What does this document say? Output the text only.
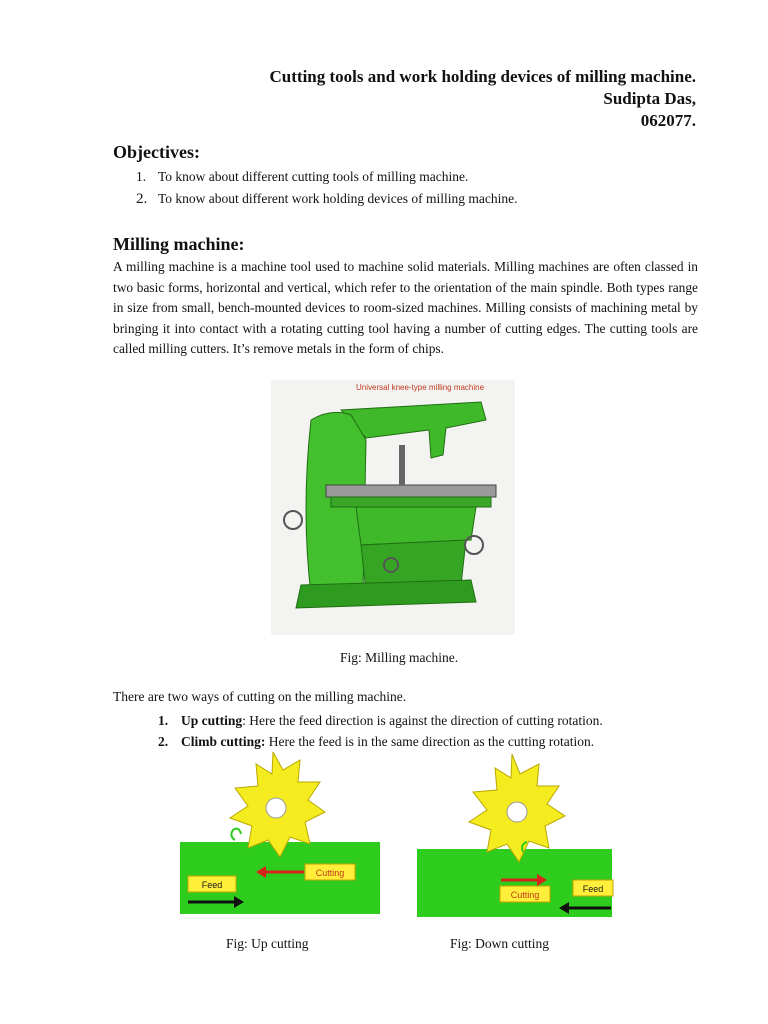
Cutting tools and work holding devices of milling machine.
Sudipta Das,
062077.
Objectives:
1. To know about different cutting tools of milling machine.
2. To know about different work holding devices of milling machine.
Milling machine:
A milling machine is a machine tool used to machine solid materials. Milling machines are often classed in two basic forms, horizontal and vertical, which refer to the orientation of the main spindle. Both types range in size from small, bench-mounted devices to room-sized machines. Milling consists of machining metal by bringing it into contact with a rotating cutting tool having a number of cutting edges. The cutting tools are called milling cutters. It’s remove metals in the form of chips.
Universal knee-type milling machine
Fig: Milling machine.
There are two ways of cutting on the milling machine.
1. Up cutting: Here the feed direction is against the direction of cutting rotation.
2. Climb cutting: Here the feed is in the same direction as the cutting rotation.
Cutting
Feed
Fig: Up cutting
Cutting
Feed
Fig: Down cutting
